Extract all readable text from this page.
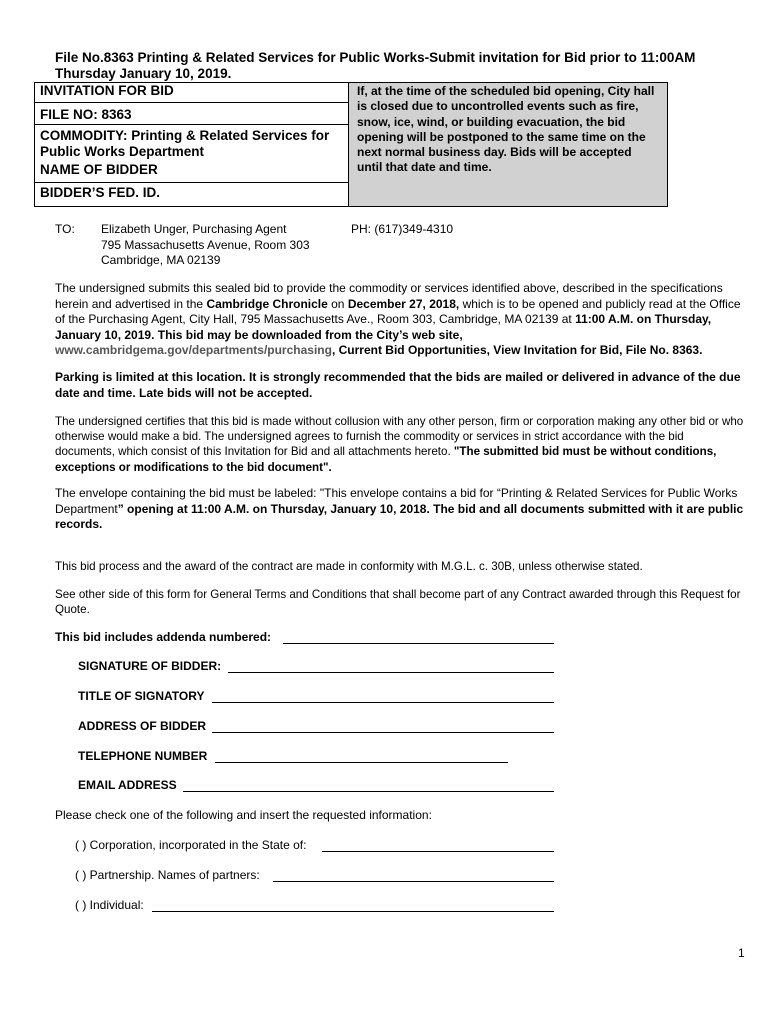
File No.8363 Printing & Related Services for Public Works-Submit invitation for Bid prior to 11:00AM Thursday January 10, 2019.
INVITATION FOR BID
FILE NO: 8363
COMMODITY: Printing & Related Services for Public Works Department
NAME OF BIDDER
BIDDER’S FED. ID.
If, at the time of the scheduled bid opening, City hall is closed due to uncontrolled events such as fire, snow, ice, wind, or building evacuation, the bid opening will be postponed to the same time on the next normal business day. Bids will be accepted until that date and time.
TO: Elizabeth Unger, Purchasing Agent
795 Massachusetts Avenue, Room 303
Cambridge, MA 02139
PH: (617)349-4310
The undersigned submits this sealed bid to provide the commodity or services identified above, described in the specifications herein and advertised in the Cambridge Chronicle on December 27, 2018, which is to be opened and publicly read at the Office of the Purchasing Agent, City Hall, 795 Massachusetts Ave., Room 303, Cambridge, MA 02139 at 11:00 A.M. on Thursday, January 10, 2019. This bid may be downloaded from the City’s web site,
www.cambridgema.gov/departments/purchasing, Current Bid Opportunities, View Invitation for Bid, File No. 8363.
Parking is limited at this location. It is strongly recommended that the bids are mailed or delivered in advance of the due date and time. Late bids will not be accepted.
The undersigned certifies that this bid is made without collusion with any other person, firm or corporation making any other bid or who otherwise would make a bid. The undersigned agrees to furnish the commodity or services in strict accordance with the bid documents, which consist of this Invitation for Bid and all attachments hereto. "The submitted bid must be without conditions, exceptions or modifications to the bid document".
The envelope containing the bid must be labeled: "This envelope contains a bid for “Printing & Related Services for Public Works Department” opening at 11:00 A.M. on Thursday, January 10, 2018. The bid and all documents submitted with it are public records.
This bid process and the award of the contract are made in conformity with M.G.L. c. 30B, unless otherwise stated.
See other side of this form for General Terms and Conditions that shall become part of any Contract awarded through this Request for Quote.
This bid includes addenda numbered:
SIGNATURE OF BIDDER:
TITLE OF SIGNATORY
ADDRESS OF BIDDER
TELEPHONE NUMBER
EMAIL ADDRESS
Please check one of the following and insert the requested information:
( ) Corporation, incorporated in the State of:
( ) Partnership. Names of partners:
( ) Individual:
1
